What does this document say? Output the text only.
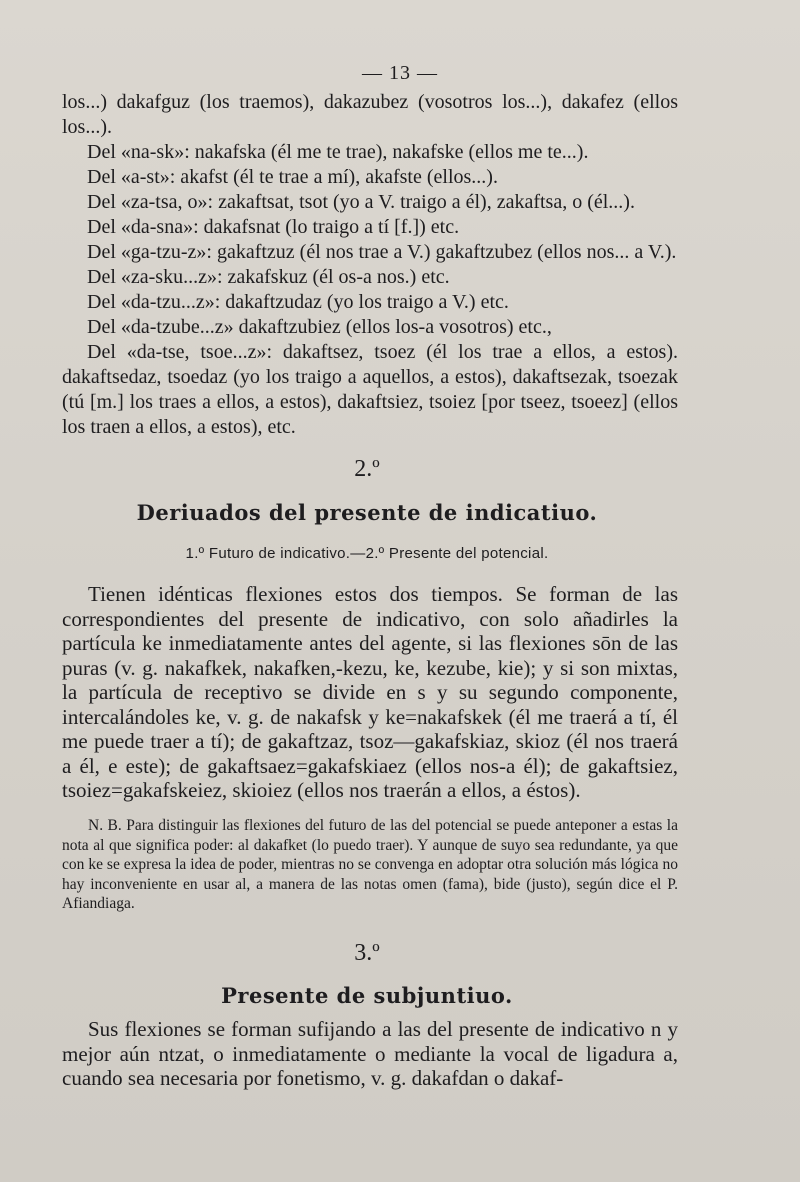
— 13 —

los...) dakafguz (los traemos), dakazubez (vosotros los...), dakafez (ellos los...).

Del «na-sk»: nakafska (él me te trae), nakafske (ellos me te...).

Del «a-st»: akafst (él te trae a mí), akafste (ellos...).

Del «za-tsa, o»: zakaftsat, tsot (yo a V. traigo a él), zakaftsa, o (él...).

Del «da-sna»: dakafsnat (lo traigo a tí [f.]) etc.

Del «ga-tzu-z»: gakaftzuz (él nos trae a V.) gakaftzubez (ellos nos... a V.).

Del «za-sku...z»: zakafskuz (él os-a nos.) etc.

Del «da-tzu...z»: dakaftzudaz (yo los traigo a V.) etc.

Del «da-tzube...z» dakaftzubiez (ellos los-a vosotros) etc.,

Del «da-tse, tsoe...z»: dakaftsez, tsoez (él los trae a ellos, a estos). dakaftsedaz, tsoedaz (yo los traigo a aquellos, a estos), dakaftsezak, tsoezak (tú [m.] los traes a ellos, a estos), dakaftsiez, tsoiez [por tseez, tsoeez] (ellos los traen a ellos, a estos), etc.

2.º
Deriuados del presente de indicatiuo.
1.º Futuro de indicativo.—2.º Presente del potencial.

Tienen idénticas flexiones estos dos tiempos. Se forman de las correspondientes del presente de indicativo, con solo añadirles la partícula ke inmediatamente antes del agente, si las flexiones sōn de las puras (v. g. nakafkek, nakafken,-kezu, ke, kezube, kie); y si son mixtas, la partícula de receptivo se divide en s y su segundo componente, intercalándoles ke, v. g. de nakafsk y ke=nakafskek (él me traerá a tí, él me puede traer a tí); de gakaftzaz, tsoz—gakafskiaz, skioz (él nos traerá a él, e este); de gakaftsaez=gakafskiaez (ellos nos-a él); de gakaftsiez, tsoiez=gakafskeiez, skioiez (ellos nos traerán a ellos, a éstos).

N. B. Para distinguir las flexiones del futuro de las del potencial se puede anteponer a estas la nota al que significa poder: al dakafket (lo puedo traer). Y aunque de suyo sea redundante, ya que con ke se expresa la idea de poder, mientras no se convenga en adoptar otra solución más lógica no hay inconveniente en usar al, a manera de las notas omen (fama), bide (justo), según dice el P. Afiandiaga.

3.º
Presente de subjuntiuo.

Sus flexiones se forman sufijando a las del presente de indicativo n y mejor aún ntzat, o inmediatamente o mediante la vocal de ligadura a, cuando sea necesaria por fonetismo, v. g. dakafdan o dakaf-
